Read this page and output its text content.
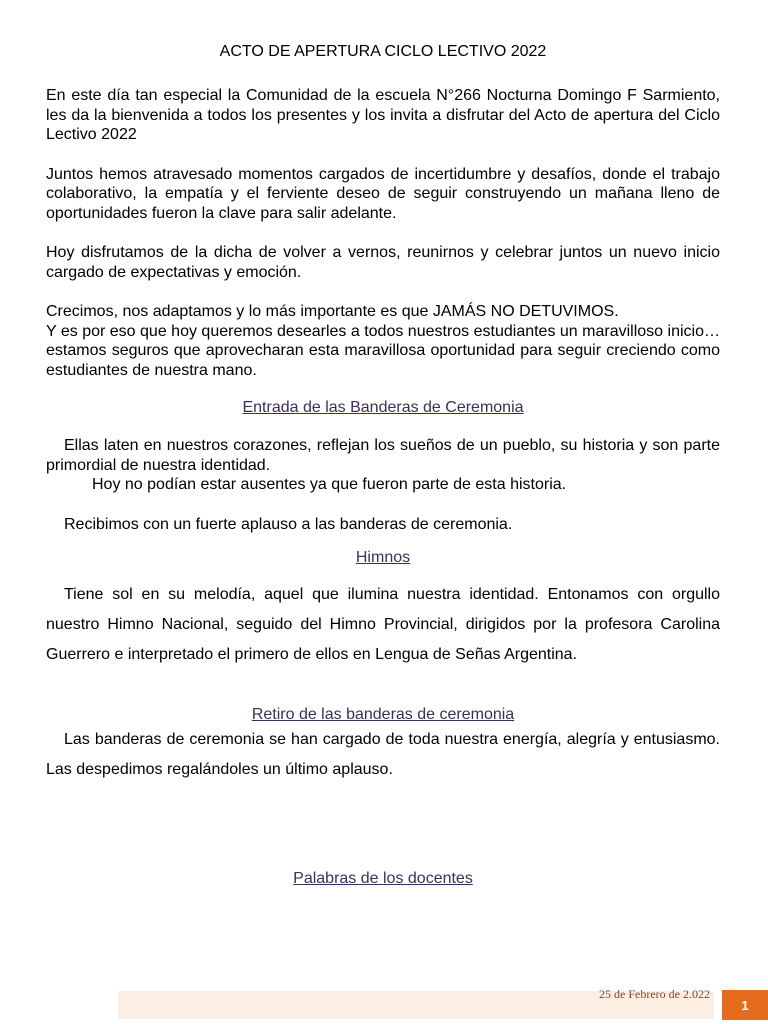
ACTO DE APERTURA CICLO LECTIVO 2022

En este día tan especial la Comunidad de la escuela N°266 Nocturna Domingo F Sarmiento, les da la bienvenida a todos los presentes y los invita a disfrutar del Acto de apertura del Ciclo Lectivo 2022

Juntos hemos atravesado momentos cargados de incertidumbre y desafíos, donde el trabajo colaborativo, la empatía y el ferviente deseo de seguir construyendo un mañana lleno de oportunidades fueron la clave para salir adelante.

Hoy disfrutamos de la dicha de volver a vernos, reunirnos y celebrar juntos un nuevo inicio cargado de expectativas y emoción.

Crecimos, nos adaptamos y lo más importante es que JAMÁS NO DETUVIMOS.

Y es por eso que hoy queremos desearles a todos nuestros estudiantes un maravilloso inicio…estamos seguros que aprovecharan esta maravillosa oportunidad para seguir creciendo como estudiantes de nuestra mano.

Entrada de las Banderas de Ceremonia

Ellas laten en nuestros corazones, reflejan los sueños de un pueblo, su historia y son parte primordial de nuestra identidad.

Hoy no podían estar ausentes ya que fueron parte de esta historia.

Recibimos con un fuerte aplauso a las banderas de ceremonia.

Himnos

Tiene sol en su melodía, aquel que ilumina nuestra identidad. Entonamos con orgullo nuestro Himno Nacional, seguido del Himno Provincial, dirigidos por la profesora Carolina Guerrero e interpretado el primero de ellos en Lengua de Señas Argentina.

Retiro de las banderas de ceremonia

Las banderas de ceremonia se han cargado de toda nuestra energía, alegría y entusiasmo. Las despedimos regalándoles un último aplauso.

Palabras de los docentes
25 de Febrero de 2.022
1
